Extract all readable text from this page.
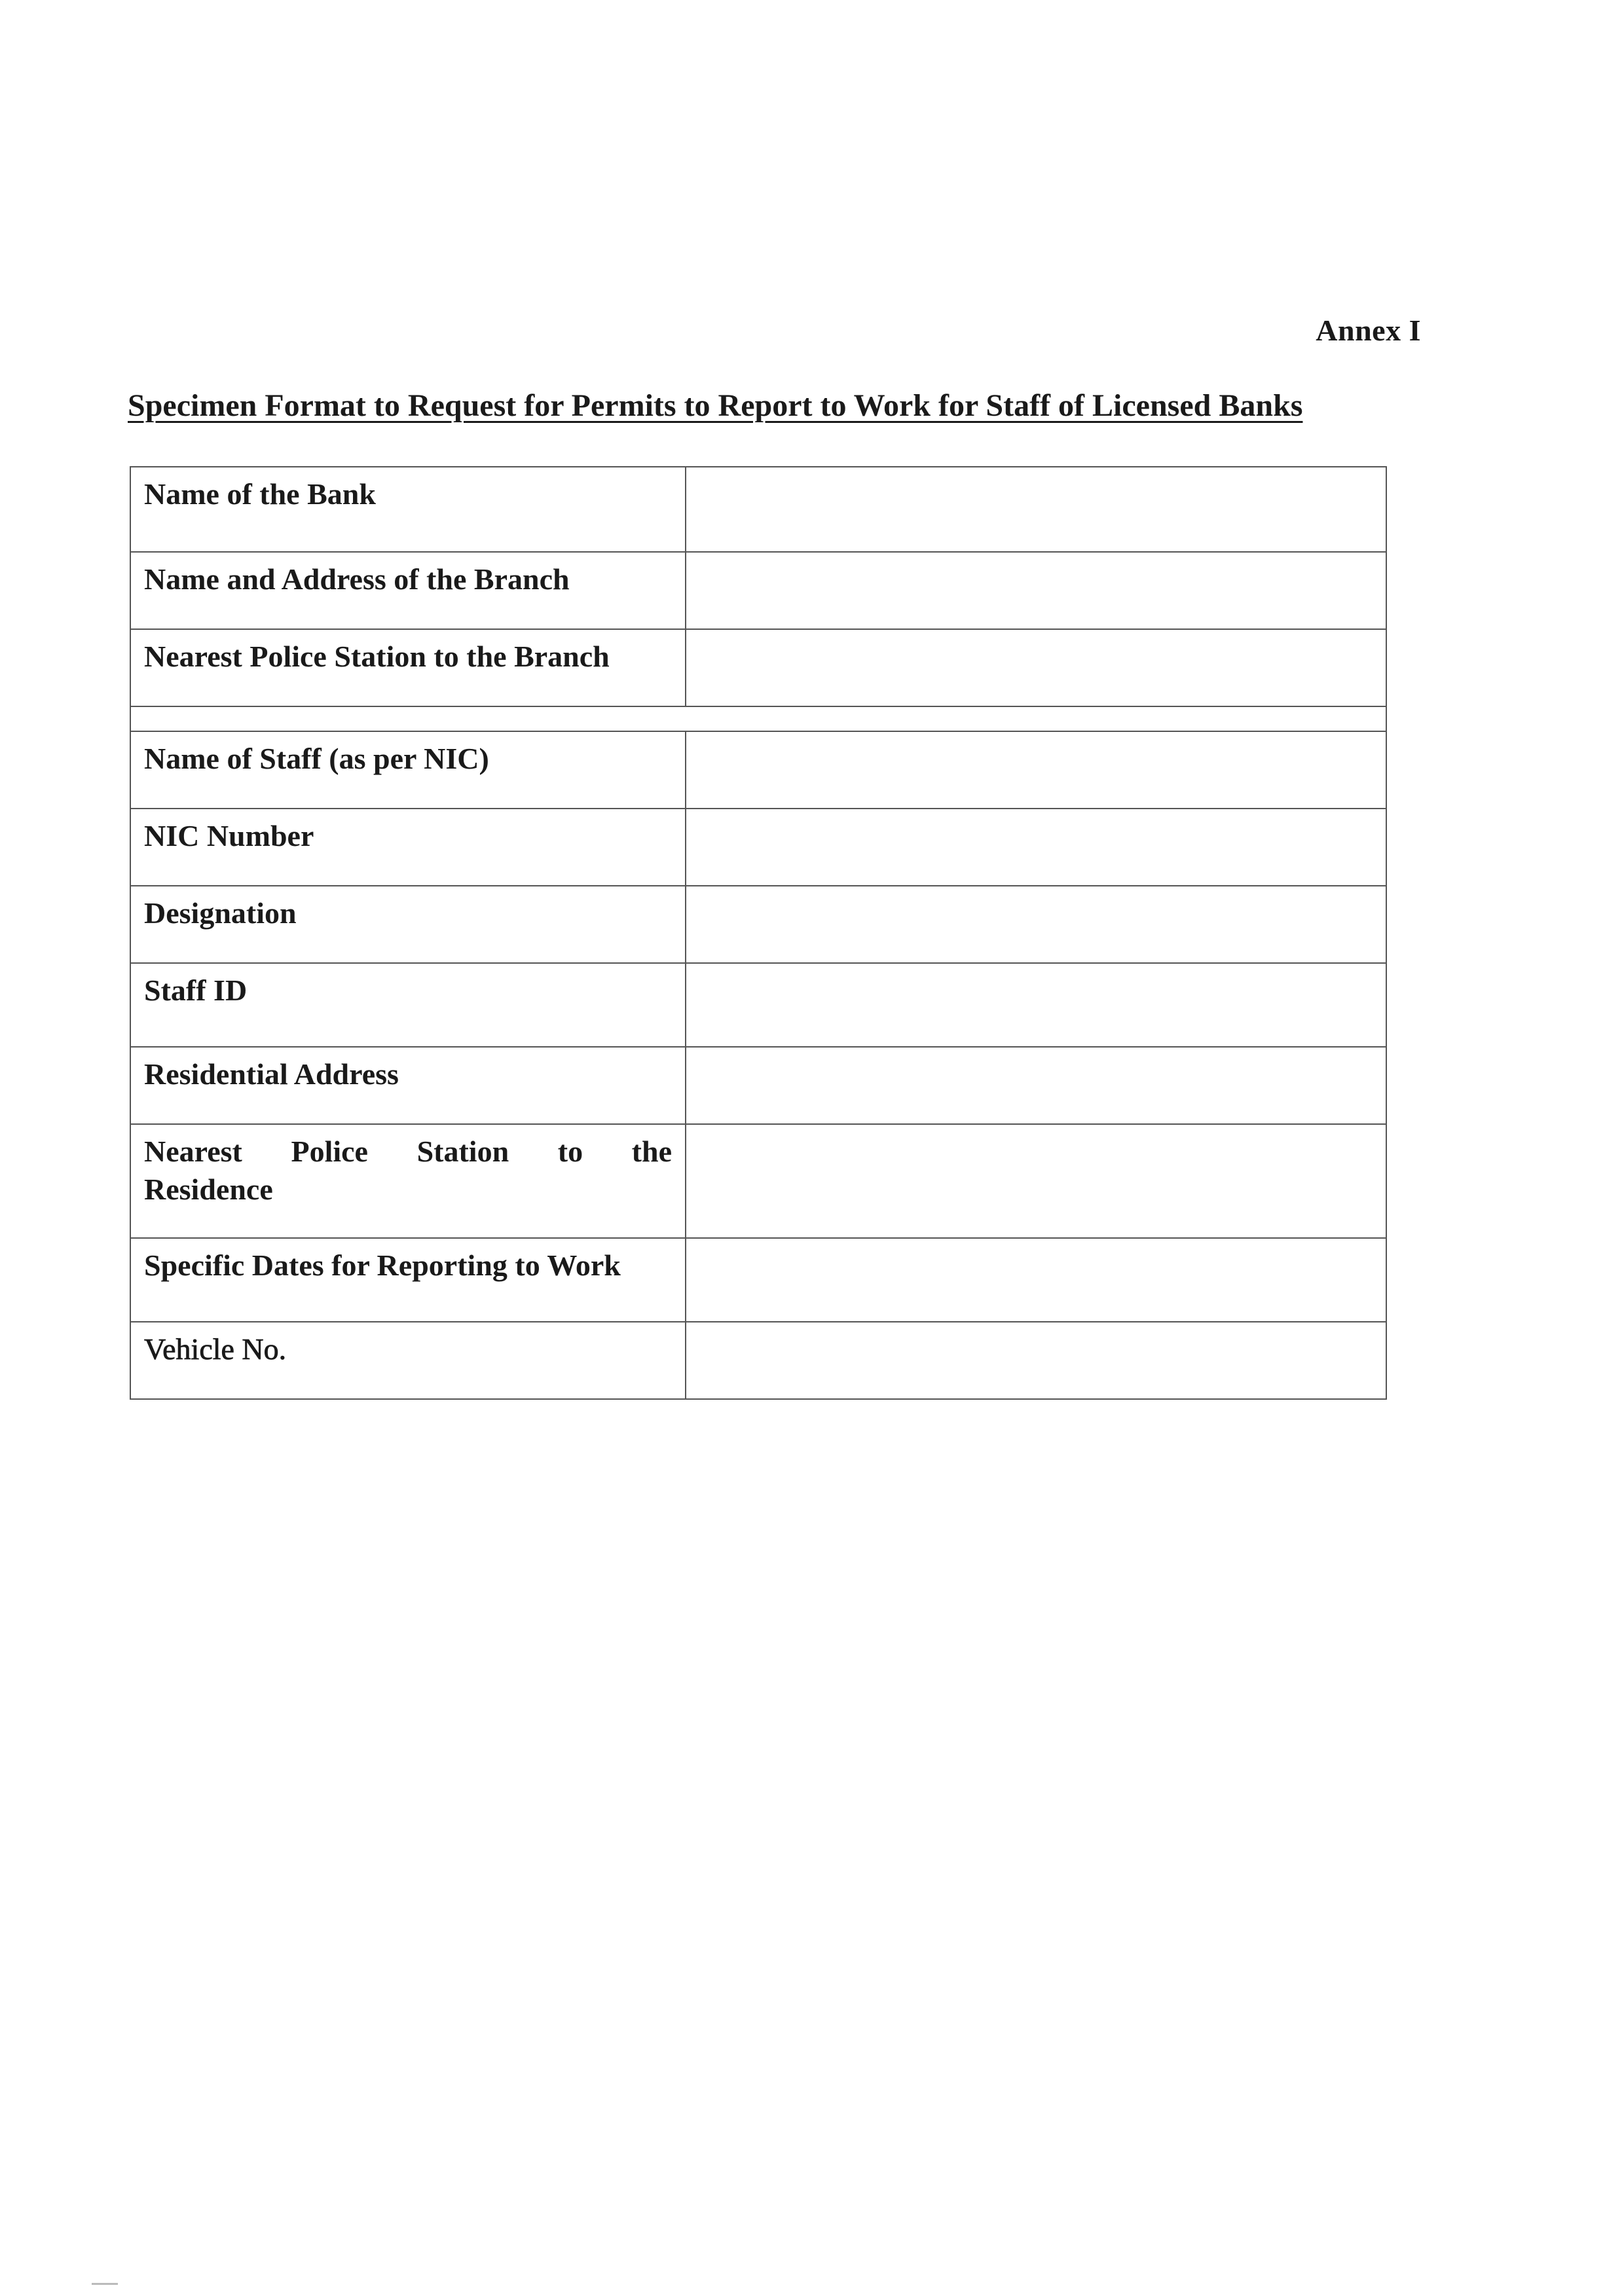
Annex I
Specimen Format to Request for Permits to Report to Work for Staff of Licensed Banks
Name of the Bank	
Name and Address of the Branch	
Nearest Police Station to the Branch	

Name of Staff (as per NIC)	
NIC Number	
Designation	
Staff ID	
Residential Address	

Nearest Police Station to the
Residence	
Specific Dates for Reporting to Work	
Vehicle No.	
